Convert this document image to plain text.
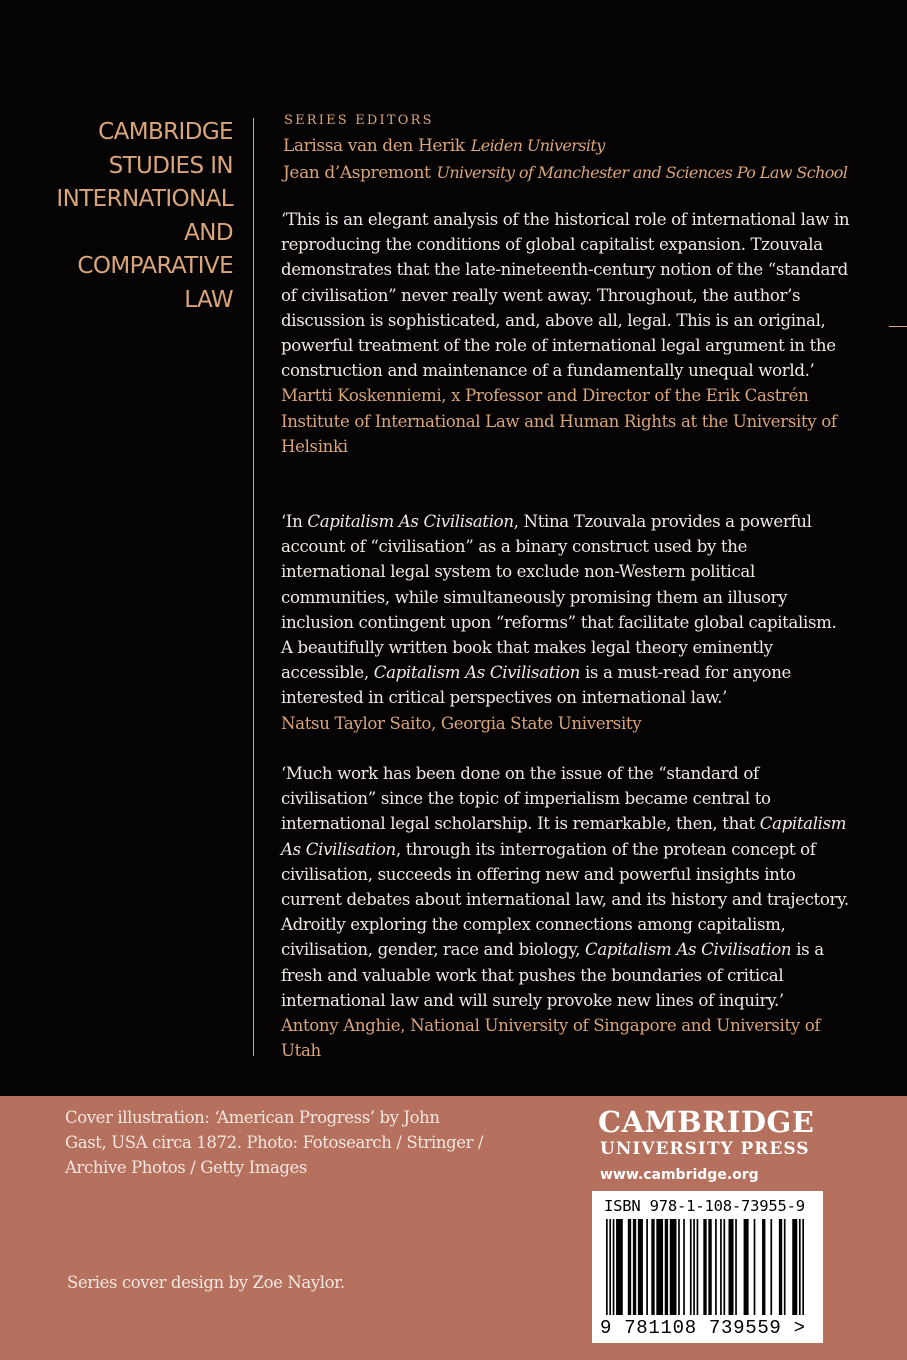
CAMBRIDGE
STUDIES IN
INTERNATIONAL
AND
COMPARATIVE
LAW
SERIES EDITORS
Larissa van den Herik Leiden University
Jean d’Aspremont University of Manchester and Sciences Po Law School

‘This is an elegant analysis of the historical role of international law in reproducing the conditions of global capitalist expansion. Tzouvala demonstrates that the late-nineteenth-century notion of the “standard of civilisation” never really went away. Throughout, the author’s discussion is sophisticated, and, above all, legal. This is an original, powerful treatment of the role of international legal argument in the construction and maintenance of a fundamentally unequal world.’

Martti Koskenniemi, x Professor and Director of the Erik Castrén Institute of International Law and Human Rights at the University of Helsinki

‘In Capitalism As Civilisation, Ntina Tzouvala provides a powerful account of “civilisation” as a binary construct used by the international legal system to exclude non-Western political communities, while simultaneously promising them an illusory inclusion contingent upon “reforms” that facilitate global capitalism. A beautifully written book that makes legal theory eminently accessible, Capitalism As Civilisation is a must-read for anyone interested in critical perspectives on international law.’

Natsu Taylor Saito, Georgia State University

‘Much work has been done on the issue of the “standard of civilisation” since the topic of imperialism became central to international legal scholarship. It is remarkable, then, that Capitalism As Civilisation, through its interrogation of the protean concept of civilisation, succeeds in offering new and powerful insights into current debates about international law, and its history and trajectory. Adroitly exploring the complex connections among capitalism, civilisation, gender, race and biology, Capitalism As Civilisation is a fresh and valuable work that pushes the boundaries of critical international law and will surely provoke new lines of inquiry.’

Antony Anghie, National University of Singapore and University of Utah

Cover illustration: ‘American Progress’ by John Gast, USA circa 1872. Photo: Fotosearch / Stringer / Archive Photos / Getty Images
Series cover design by Zoe Naylor.
CAMBRIDGE
UNIVERSITY PRESS
www.cambridge.org
ISBN 978-1-108-73955-9
9 781108 739559 >
